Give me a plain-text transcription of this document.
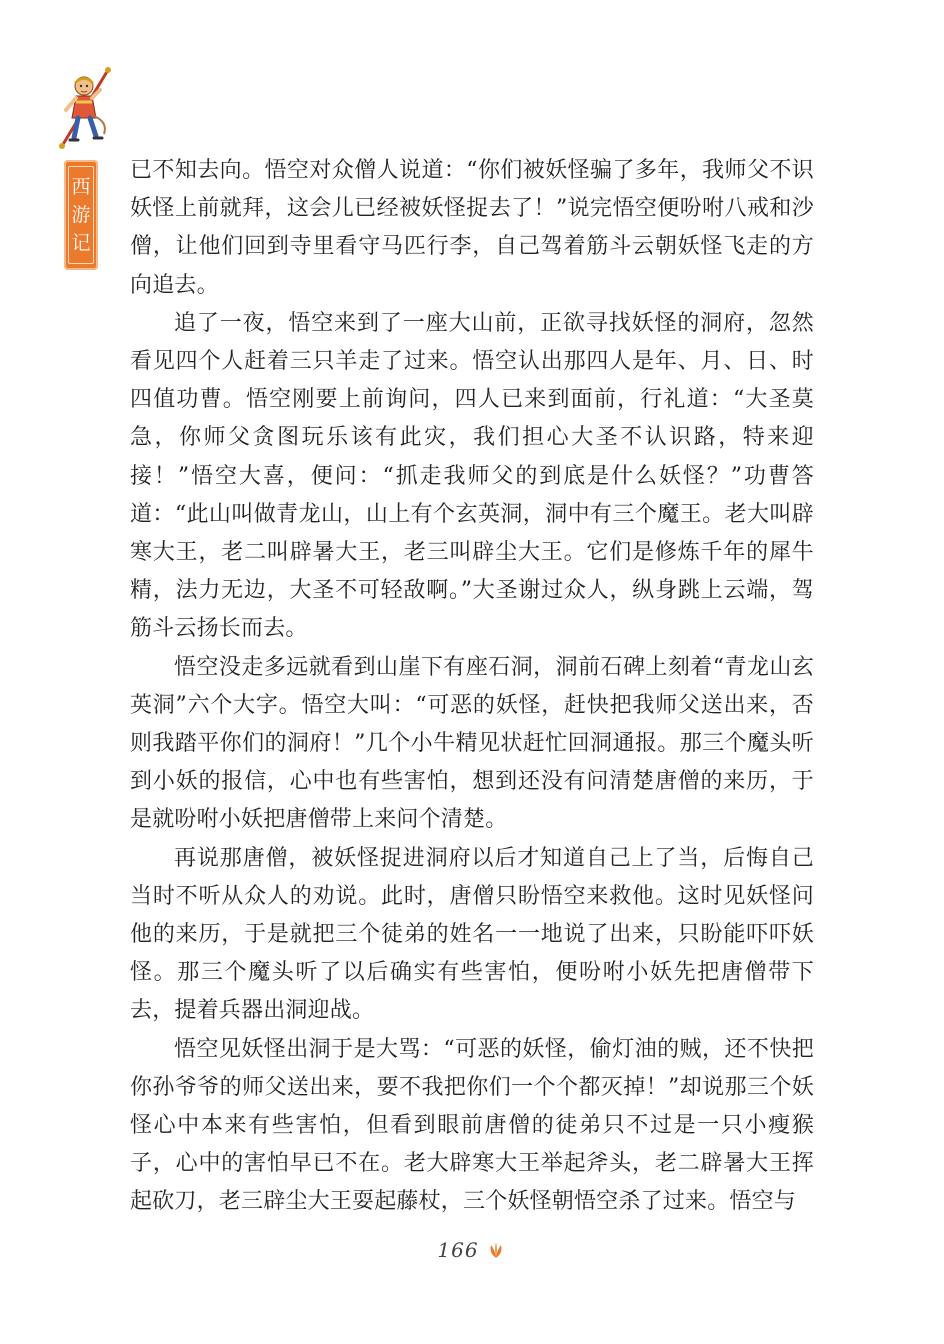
西
游
记

已不知去向。悟空对众僧人说道：“你们被妖怪骗了多年，我师父不识妖怪上前就拜，这会儿已经被妖怪捉去了！”说完悟空便吩咐八戒和沙僧，让他们回到寺里看守马匹行李，自己驾着筋斗云朝妖怪飞走的方向追去。

追了一夜，悟空来到了一座大山前，正欲寻找妖怪的洞府，忽然看见四个人赶着三只羊走了过来。悟空认出那四人是年、月、日、时四值功曹。悟空刚要上前询问，四人已来到面前，行礼道：“大圣莫急，你师父贪图玩乐该有此灾，我们担心大圣不认识路，特来迎接！”悟空大喜，便问：“抓走我师父的到底是什么妖怪？”功曹答道：“此山叫做青龙山，山上有个玄英洞，洞中有三个魔王。老大叫辟寒大王，老二叫辟暑大王，老三叫辟尘大王。它们是修炼千年的犀牛精，法力无边，大圣不可轻敌啊。”大圣谢过众人，纵身跳上云端，驾筋斗云扬长而去。

悟空没走多远就看到山崖下有座石洞，洞前石碑上刻着“青龙山玄英洞”六个大字。悟空大叫：“可恶的妖怪，赶快把我师父送出来，否则我踏平你们的洞府！”几个小牛精见状赶忙回洞通报。那三个魔头听到小妖的报信，心中也有些害怕，想到还没有问清楚唐僧的来历，于是就吩咐小妖把唐僧带上来问个清楚。

再说那唐僧，被妖怪捉进洞府以后才知道自己上了当，后悔自己当时不听从众人的劝说。此时，唐僧只盼悟空来救他。这时见妖怪问他的来历，于是就把三个徒弟的姓名一一地说了出来，只盼能吓吓妖怪。那三个魔头听了以后确实有些害怕，便吩咐小妖先把唐僧带下去，提着兵器出洞迎战。

悟空见妖怪出洞于是大骂：“可恶的妖怪，偷灯油的贼，还不快把你孙爷爷的师父送出来，要不我把你们一个个都灭掉！”却说那三个妖怪心中本来有些害怕，但看到眼前唐僧的徒弟只不过是一只小瘦猴子，心中的害怕早已不在。老大辟寒大王举起斧头，老二辟暑大王挥起砍刀，老三辟尘大王耍起藤杖，三个妖怪朝悟空杀了过来。悟空与

166
